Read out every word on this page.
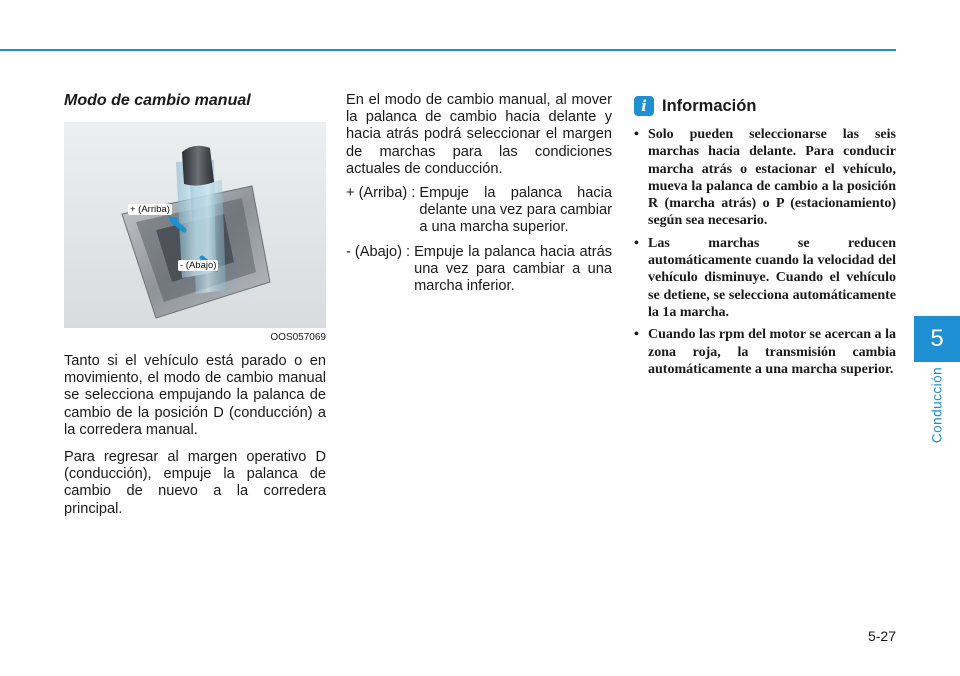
Modo de cambio manual
+ (Arriba)
- (Abajo)
OOS057069

Tanto si el vehículo está parado o en movimiento, el modo de cambio manual se selecciona empujando la palanca de cambio de la posición D (conducción) a la corredera manual.

Para regresar al margen operativo D (conducción), empuje la palanca de cambio de nuevo a la corredera principal.

En el modo de cambio manual, al mover la palanca de cambio hacia delante y hacia atrás podrá seleccionar el margen de marchas para las condiciones actuales de conducción.

+ (Arriba) : Empuje la palanca hacia delante una vez para cambiar a una marcha superior.
- (Abajo) : Empuje la palanca hacia atrás una vez para cambiar a una marcha inferior.
i Información
• Solo pueden seleccionarse las seis marchas hacia delante. Para conducir marcha atrás o estacionar el vehículo, mueva la palanca de cambio a la posición R (marcha atrás) o P (estacionamiento) según sea necesario.
• Las marchas se reducen automáticamente cuando la velocidad del vehículo disminuye. Cuando el vehículo se detiene, se selecciona automáticamente la 1a marcha.
• Cuando las rpm del motor se acercan a la zona roja, la transmisión cambia automáticamente a una marcha superior.
5
Conducción
5-27
